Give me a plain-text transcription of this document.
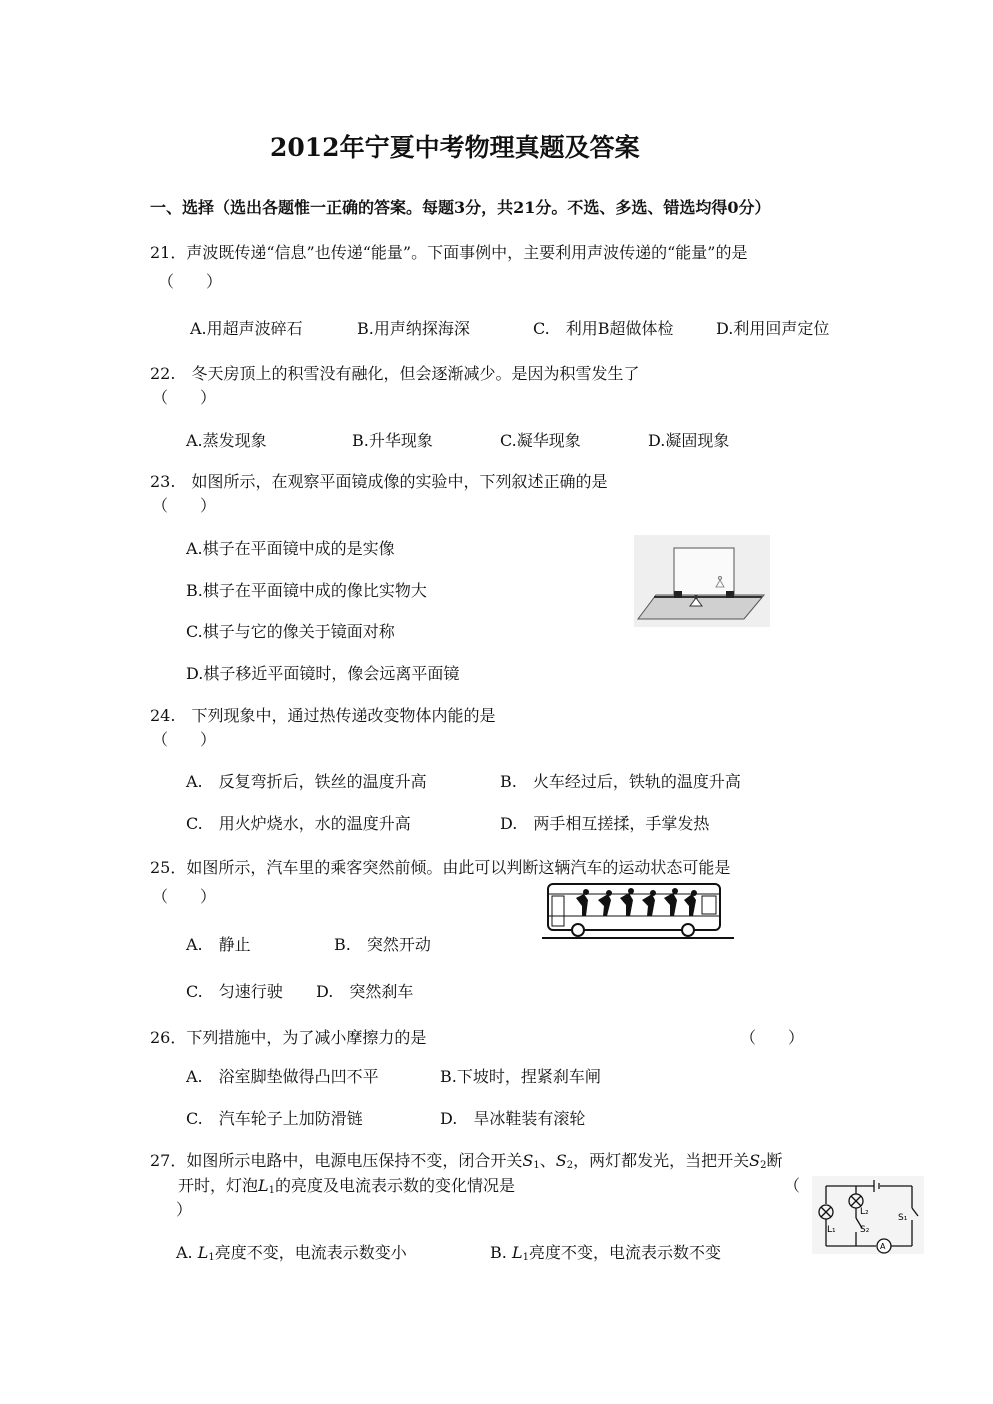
2012年宁夏中考物理真题及答案
一、选择（选出各题惟一正确的答案。每题3分，共21分。不选、多选、错选均得0分）
21．声波既传递“信息”也传递“能量”。下面事例中，主要利用声波传递的“能量”的是
（　　）
A.用超声波碎石	B.用声纳探海深	C.　利用B超做体检	D.利用回声定位
22.　冬天房顶上的积雪没有融化，但会逐渐减少。是因为积雪发生了
（　　）
A.蒸发现象	B.升华现象	C.凝华现象	D.凝固现象
23.　如图所示，在观察平面镜成像的实验中，下列叙述正确的是
（　　）
A.棋子在平面镜中成的是实像
B.棋子在平面镜中成的像比实物大
C.棋子与它的像关于镜面对称
D.棋子移近平面镜时，像会远离平面镜
24.　下列现象中，通过热传递改变物体内能的是
（　　）
A.　反复弯折后，铁丝的温度升高	B.　火车经过后，铁轨的温度升高
C.　用火炉烧水，水的温度升高	D.　两手相互搓揉，手掌发热
25．如图所示，汽车里的乘客突然前倾。由此可以判断这辆汽车的运动状态可能是
（　　）
A.　静止	B.　突然开动
C.　匀速行驶 D.　突然刹车
26．下列措施中，为了减小摩擦力的是	（　　）
A.　浴室脚垫做得凸凹不平	B.下坡时，捏紧刹车闸
C.　汽车轮子上加防滑链	D.　旱冰鞋装有滚轮
27．如图所示电路中，电源电压保持不变，闭合开关$S_1$、$S_2$，两灯都发光，当把开关$S_2$断
开时，灯泡$L_1$的亮度及电流表示数的变化情况是	（
）
A. $L_1$亮度不变，电流表示数变小	B. $L_1$亮度不变，电流表示数不变	A
L₁
L₂
S₂
S₁
